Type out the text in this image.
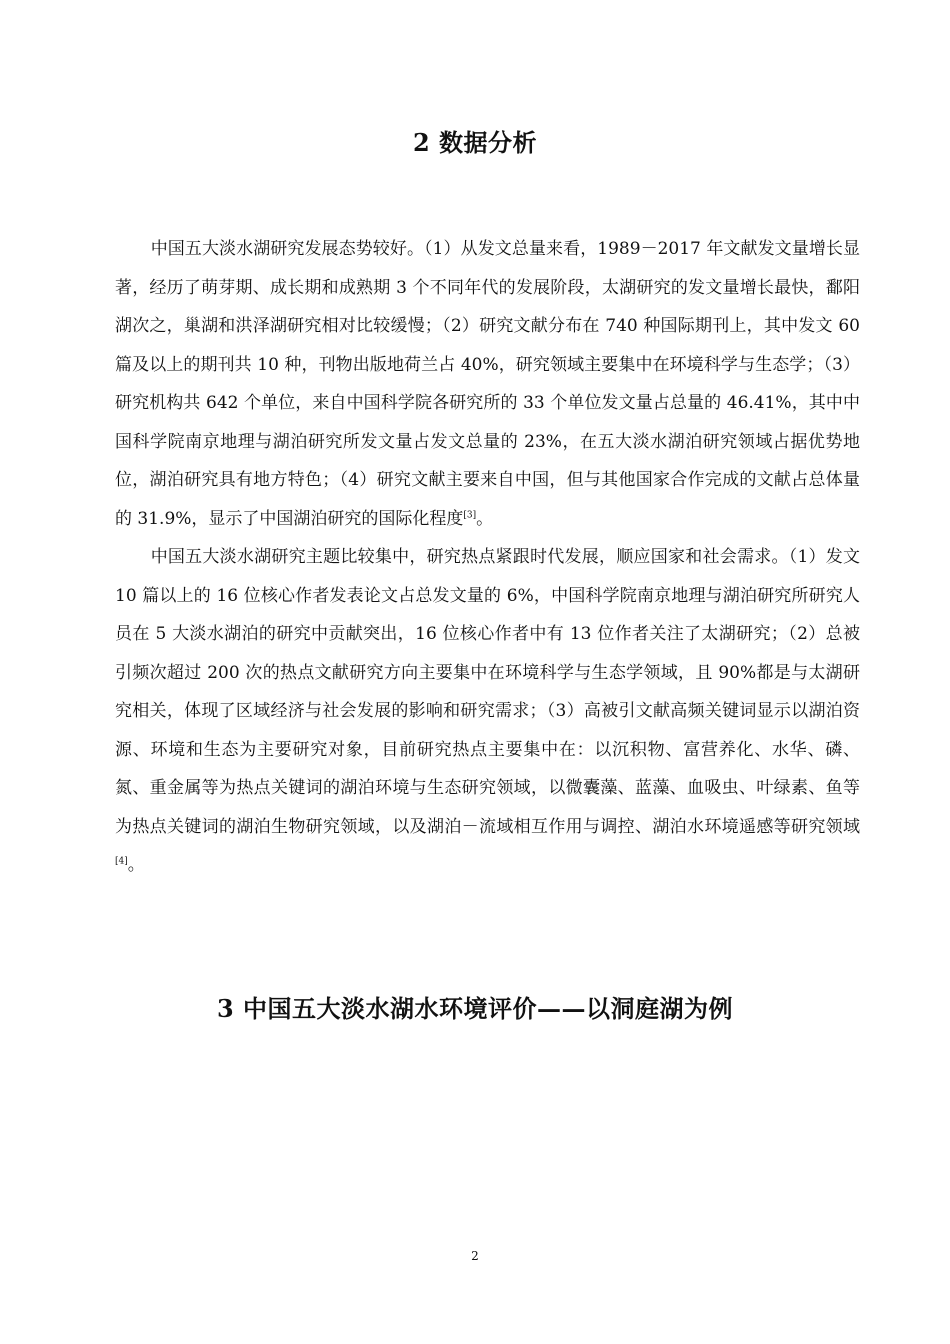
2 数据分析

中国五大淡水湖研究发展态势较好。（1）从发文总量来看，1989－2017 年文献发文量增长显著，经历了萌芽期、成长期和成熟期 3 个不同年代的发展阶段，太湖研究的发文量增长最快，鄱阳湖次之，巢湖和洪泽湖研究相对比较缓慢；（2）研究文献分布在 740 种国际期刊上，其中发文 60 篇及以上的期刊共 10 种，刊物出版地荷兰占 40%，研究领域主要集中在环境科学与生态学；（3）研究机构共 642 个单位，来自中国科学院各研究所的 33 个单位发文量占总量的 46.41%，其中中国科学院南京地理与湖泊研究所发文量占发文总量的 23%，在五大淡水湖泊研究领域占据优势地位，湖泊研究具有地方特色；（4）研究文献主要来自中国，但与其他国家合作完成的文献占总体量的 31.9%，显示了中国湖泊研究的国际化程度[3]。

中国五大淡水湖研究主题比较集中，研究热点紧跟时代发展，顺应国家和社会需求。（1）发文 10 篇以上的 16 位核心作者发表论文占总发文量的 6%，中国科学院南京地理与湖泊研究所研究人员在 5 大淡水湖泊的研究中贡献突出，16 位核心作者中有 13 位作者关注了太湖研究；（2）总被引频次超过 200 次的热点文献研究方向主要集中在环境科学与生态学领域，且 90%都是与太湖研究相关，体现了区域经济与社会发展的影响和研究需求；（3）高被引文献高频关键词显示以湖泊资源、环境和生态为主要研究对象，目前研究热点主要集中在：以沉积物、富营养化、水华、磷、氮、重金属等为热点关键词的湖泊环境与生态研究领域，以微囊藻、蓝藻、血吸虫、叶绿素、鱼等为热点关键词的湖泊生物研究领域，以及湖泊－流域相互作用与调控、湖泊水环境遥感等研究领域[4]。

3 中国五大淡水湖水环境评价——以洞庭湖为例
2
